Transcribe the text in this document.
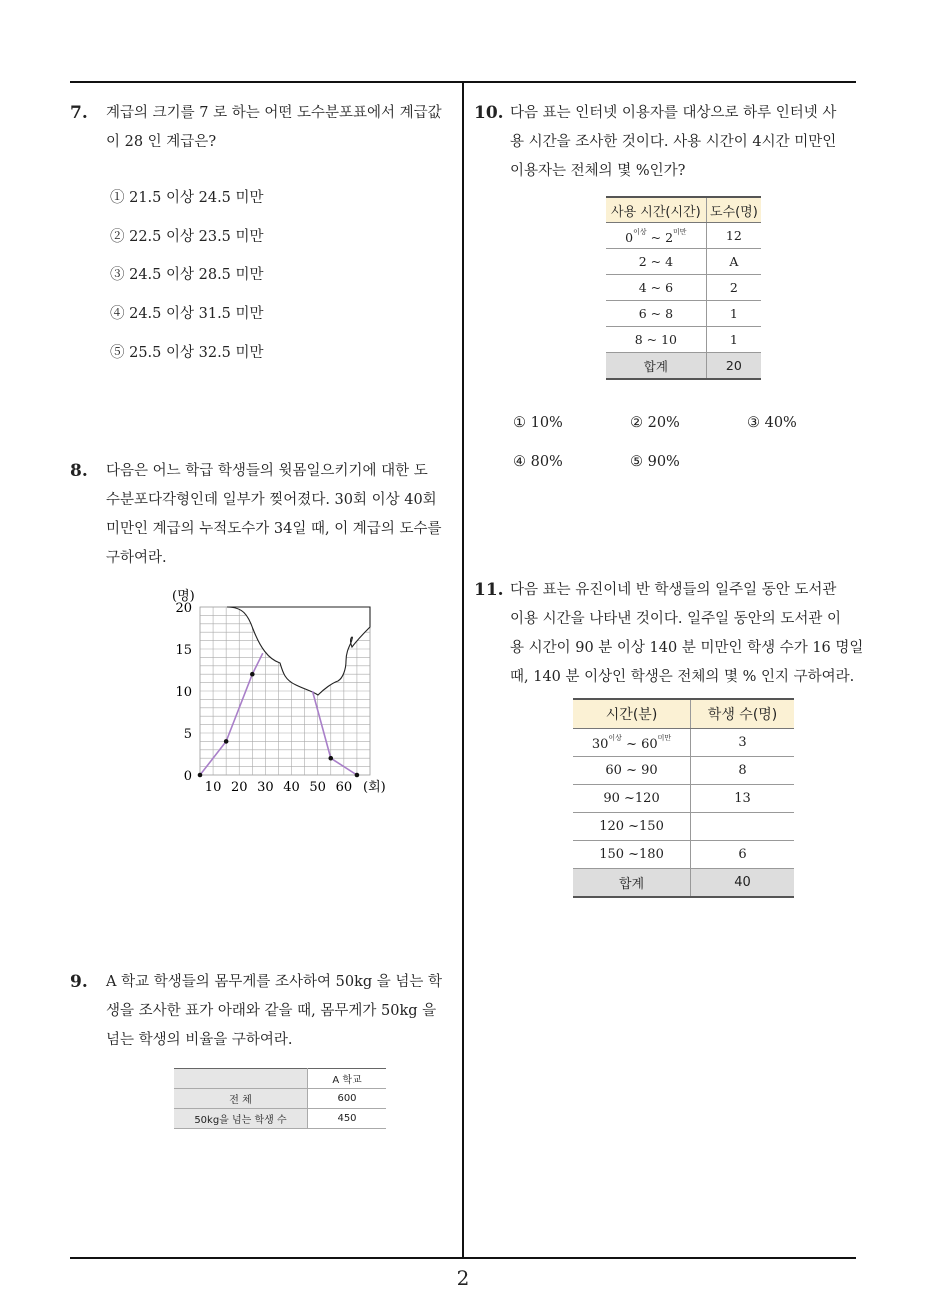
2
7. 계급의 크기를 7 로 하는 어떤 도수분포표에서 계급값
이 28 인 계급은?
① 21.5 이상 24.5 미만
② 22.5 이상 23.5 미만
③ 24.5 이상 28.5 미만
④ 24.5 이상 31.5 미만
⑤ 25.5 이상 32.5 미만
8. 다음은 어느 학급 학생들의 윗몸일으키기에 대한 도
수분포다각형인데 일부가 찢어졌다. 30회 이상 40회
미만인 계급의 누적도수가 34일 때, 이 계급의 도수를
구하여라.
(명)
20
15
10
5
0
10 20 30 40 50 60 (회)
9. A 학교 학생들의 몸무게를 조사하여 50kg 을 넘는 학
생을 조사한 표가 아래와 같을 때, 몸무게가 50kg 을
넘는 학생의 비율을 구하여라.
	A 학교
전 체	600
50kg을 넘는 학생 수	450
10. 다음 표는 인터넷 이용자를 대상으로 하루 인터넷 사
용 시간을 조사한 것이다. 사용 시간이 4시간 미만인
이용자는 전체의 몇 %인가?
사용 시간(시간)	도수(명)
$0^{이상}$ ~ $2^{미만}$	12
2 ~ 4	A
4 ~ 6	2
6 ~ 8	1
8 ~ 10	1
합계	20
① 10%	② 20%	③ 40%
④ 80%	⑤ 90%
11. 다음 표는 유진이네 반 학생들의 일주일 동안 도서관
이용 시간을 나타낸 것이다. 일주일 동안의 도서관 이
용 시간이 90 분 이상 140 분 미만인 학생 수가 16 명일
때, 140 분 이상인 학생은 전체의 몇 % 인지 구하여라.
시간(분)	학생 수(명)
$30^{이상}$ ~ $60^{미만}$	3
60 ~ 90	8
90 ~120	13
120 ~150	
150 ~180	6
합계	40
